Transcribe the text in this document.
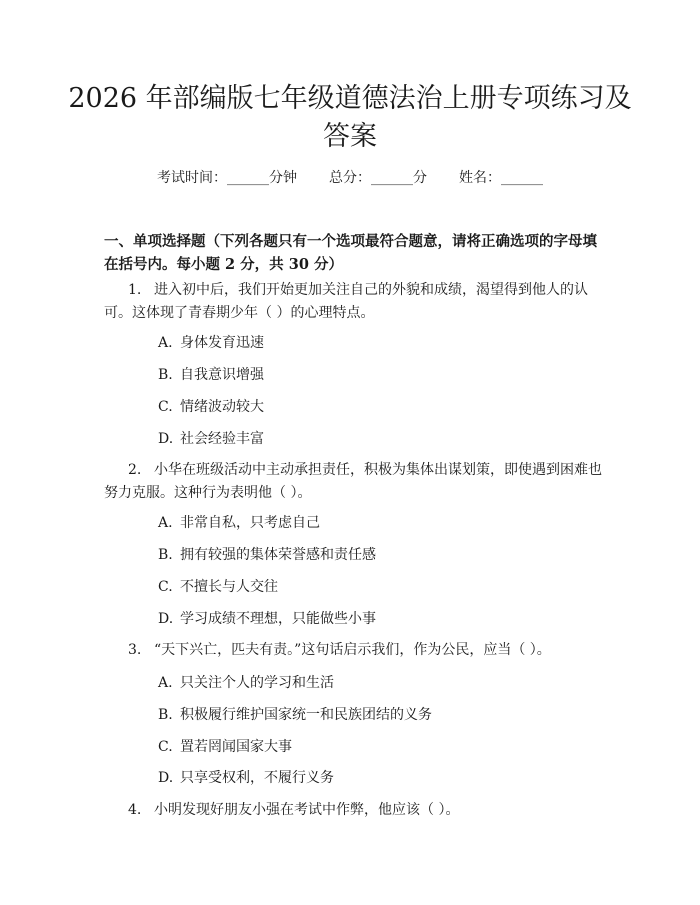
2026 年部编版七年级道德法治上册专项练习及答案
考试时间：______分钟 总分：______分 姓名：______
一、单项选择题（下列各题只有一个选项最符合题意，请将正确选项的字母填在括号内。每小题 2 分，共 30 分）
1. 进入初中后，我们开始更加关注自己的外貌和成绩，渴望得到他人的认可。这体现了青春期少年（ ）的心理特点。
A. 身体发育迅速
B. 自我意识增强
C. 情绪波动较大
D. 社会经验丰富
2. 小华在班级活动中主动承担责任，积极为集体出谋划策，即使遇到困难也努力克服。这种行为表明他（ ）。
A. 非常自私，只考虑自己
B. 拥有较强的集体荣誉感和责任感
C. 不擅长与人交往
D. 学习成绩不理想，只能做些小事
3. “天下兴亡，匹夫有责。”这句话启示我们，作为公民，应当（ ）。
A. 只关注个人的学习和生活
B. 积极履行维护国家统一和民族团结的义务
C. 置若罔闻国家大事
D. 只享受权利，不履行义务
4. 小明发现好朋友小强在考试中作弊，他应该（ ）。
